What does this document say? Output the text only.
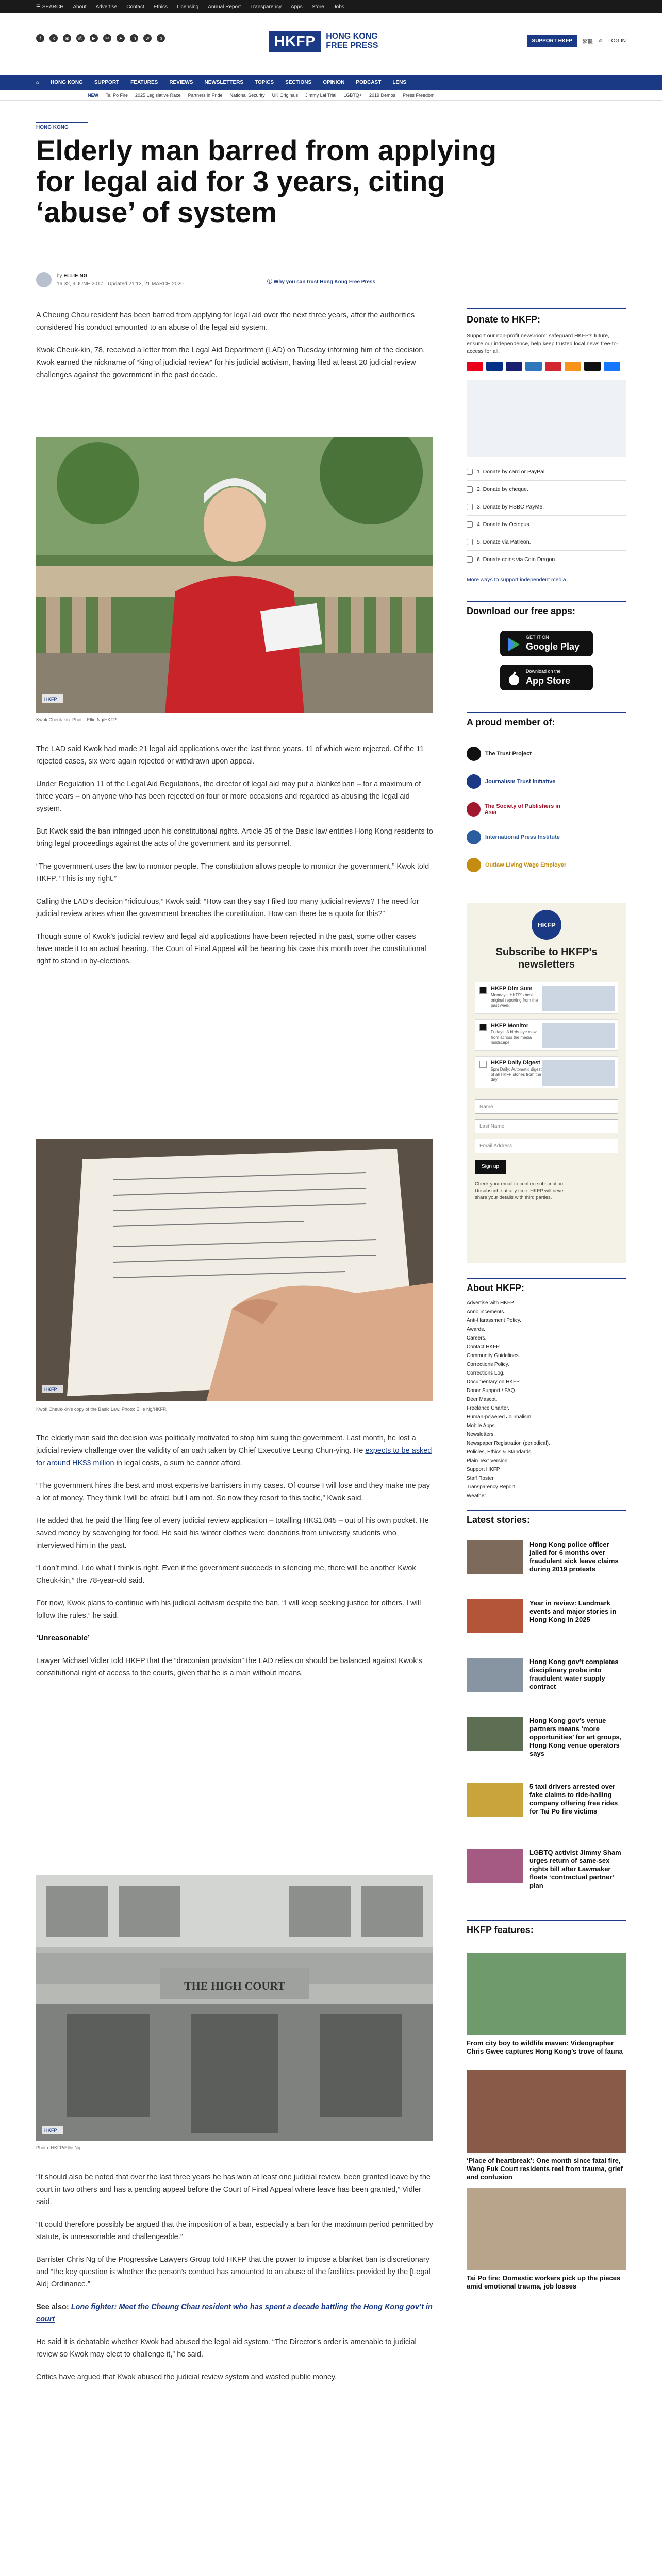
☰ SEARCH About Advertise Contact Ethics Licensing Annual Report Transparency Apps Store Jobs
f	x	◉	@	▶	✉	➤	in	w	b	HKFP	HONG KONG
FREE PRESS
SUPPORT HKFP	繁體 ☺ LOG IN
⌂ HONG KONG SUPPORT FEATURES REVIEWS NEWSLETTERS TOPICS SECTIONS OPINION PODCAST LENS
NEW Tai Po Fire 2025 Legislative Race Partners in Pride National Security UK Originals Jimmy Lai Trial LGBTQ+ 2019 Demos Press Freedom
HONG KONG
Elderly man barred from applying for legal aid for 3 years, citing ‘abuse’ of system
by ELLIE NG
16:32, 9 JUNE 2017 · Updated 21:13, 21 MARCH 2020	ⓘ Why you can trust Hong Kong Free Press

A Cheung Chau resident has been barred from applying for legal aid over the next three years, after the authorities considered his conduct amounted to an abuse of the legal aid system.

Kwok Cheuk-kin, 78, received a letter from the Legal Aid Department (LAD) on Tuesday informing him of the decision. Kwok earned the nickname of “king of judicial review” for his judicial activism, having filed at least 20 judicial review challenges against the government in the past decade.

HKFP
Kwok Cheuk-kin. Photo: Ellie Ng/HKFP.

The LAD said Kwok had made 21 legal aid applications over the last three years. 11 of which were rejected. Of the 11 rejected cases, six were again rejected or withdrawn upon appeal.

Under Regulation 11 of the Legal Aid Regulations, the director of legal aid may put a blanket ban – for a maximum of three years – on anyone who has been rejected on four or more occasions and regarded as abusing the legal aid system.

But Kwok said the ban infringed upon his constitutional rights. Article 35 of the Basic law entitles Hong Kong residents to bring legal proceedings against the acts of the government and its personnel.

“The government uses the law to monitor people. The constitution allows people to monitor the government,” Kwok told HKFP. “This is my right.”

Calling the LAD’s decision “ridiculous,” Kwok said: “How can they say I filed too many judicial reviews? The need for judicial review arises when the government breaches the constitution. How can there be a quota for this?”

Though some of Kwok’s judicial review and legal aid applications have been rejected in the past, some other cases have made it to an actual hearing. The Court of Final Appeal will be hearing his case this month over the constitutional right to stand in by-elections.

HKFP
Kwok Cheuk-kin’s copy of the Basic Law. Photo: Ellie Ng/HKFP.

The elderly man said the decision was politically motivated to stop him suing the government. Last month, he lost a judicial review challenge over the validity of an oath taken by Chief Executive Leung Chun-ying. He expects to be asked for around HK$3 million in legal costs, a sum he cannot afford.

“The government hires the best and most expensive barristers in my cases. Of course I will lose and they make me pay a lot of money. They think I will be afraid, but I am not. So now they resort to this tactic,” Kwok said.

He added that he paid the filing fee of every judicial review application – totalling HK$1,045 – out of his own pocket. He saved money by scavenging for food. He said his winter clothes were donations from university students who interviewed him in the past.

“I don’t mind. I do what I think is right. Even if the government succeeds in silencing me, there will be another Kwok Cheuk-kin,” the 78-year-old said.

For now, Kwok plans to continue with his judicial activism despite the ban. “I will keep seeking justice for others. I will follow the rules,” he said.

‘Unreasonable’

Lawyer Michael Vidler told HKFP that the “draconian provision” the LAD relies on should be balanced against Kwok’s constitutional right of access to the courts, given that he is a man without means.

THE HIGH COURT
HKFP
Photo: HKFP/Ellie Ng.

“It should also be noted that over the last three years he has won at least one judicial review, been granted leave by the court in two others and has a pending appeal before the Court of Final Appeal where leave has been granted,” Vidler said.

“It could therefore possibly be argued that the imposition of a ban, especially a ban for the maximum period permitted by statute, is unreasonable and challengeable.”

Barrister Chris Ng of the Progressive Lawyers Group told HKFP that the power to impose a blanket ban is discretionary and “the key question is whether the person’s conduct has amounted to an abuse of the facilities provided by the [Legal Aid] Ordinance.”

See also: Lone fighter: Meet the Cheung Chau resident who has spent a decade battling the Hong Kong gov’t in court

He said it is debatable whether Kwok had abused the legal aid system. “The Director’s order is amenable to judicial review so Kwok may elect to challenge it,” he said.

Critics have argued that Kwok abused the judicial review system and wasted public money.

Donate to HKFP:

Support our non-profit newsroom: safeguard HKFP's future, ensure our independence, help keep trusted local news free-to-access for all.

1. Donate by card or PayPal.
2. Donate by cheque.
3. Donate by HSBC PayMe.
4. Donate by Octopus.
5. Donate via Patreon.
6. Donate coins via Coin Dragon.

More ways to support independent media.

Download our free apps:
GET IT ON
Google Play
Download on the
App Store
A proud member of:
The Trust Project
Journalism Trust Initiative
The Society of Publishers in Asia
International Press Institute
Outlaw Living Wage Employer
HKFP
Subscribe to HKFP's newsletters
HKFP Dim Sum

Mondays: HKFP's best original reporting from the past week.

HKFP Monitor

Fridays: A birds-eye view from across the media landscape.

HKFP Daily Digest

5pm Daily: Automatic digest of all HKFP stories from the day.

Name
Last Name
Email Address
Sign up

Check your email to confirm subscription. Unsubscribe at any time. HKFP will never share your details with third parties.

About HKFP:
Advertise with HKFP.
Announcements.
Anti-Harassment Policy.
Awards.
Careers.
Contact HKFP.
Community Guidelines.
Corrections Policy.
Corrections Log.
Documentary on HKFP.
Donor Support / FAQ.
Deer Mascot.
Freelance Charter.
Human-powered Journalism.
Mobile Apps.
Newsletters.
Newspaper Registration (periodical).
Policies, Ethics & Standards.
Plain Text Version.
Support HKFP.
Staff Roster.
Transparency Report.
Weather.
Latest stories:
Hong Kong police officer jailed for 6 months over fraudulent sick leave claims during 2019 protests
Year in review: Landmark events and major stories in Hong Kong in 2025
Hong Kong gov’t completes disciplinary probe into fraudulent water supply contract
Hong Kong gov’s venue partners means ‘more opportunities’ for art groups, Hong Kong venue operators says
5 taxi drivers arrested over fake claims to ride-hailing company offering free rides for Tai Po fire victims
LGBTQ activist Jimmy Sham urges return of same-sex rights bill after Lawmaker floats ‘contractual partner’ plan
HKFP features:
From city boy to wildlife maven: Videographer Chris Gwee captures Hong Kong’s trove of fauna
‘Place of heartbreak’: One month since fatal fire, Wang Fuk Court residents reel from trauma, grief and confusion
Tai Po fire: Domestic workers pick up the pieces amid emotional trauma, job losses
